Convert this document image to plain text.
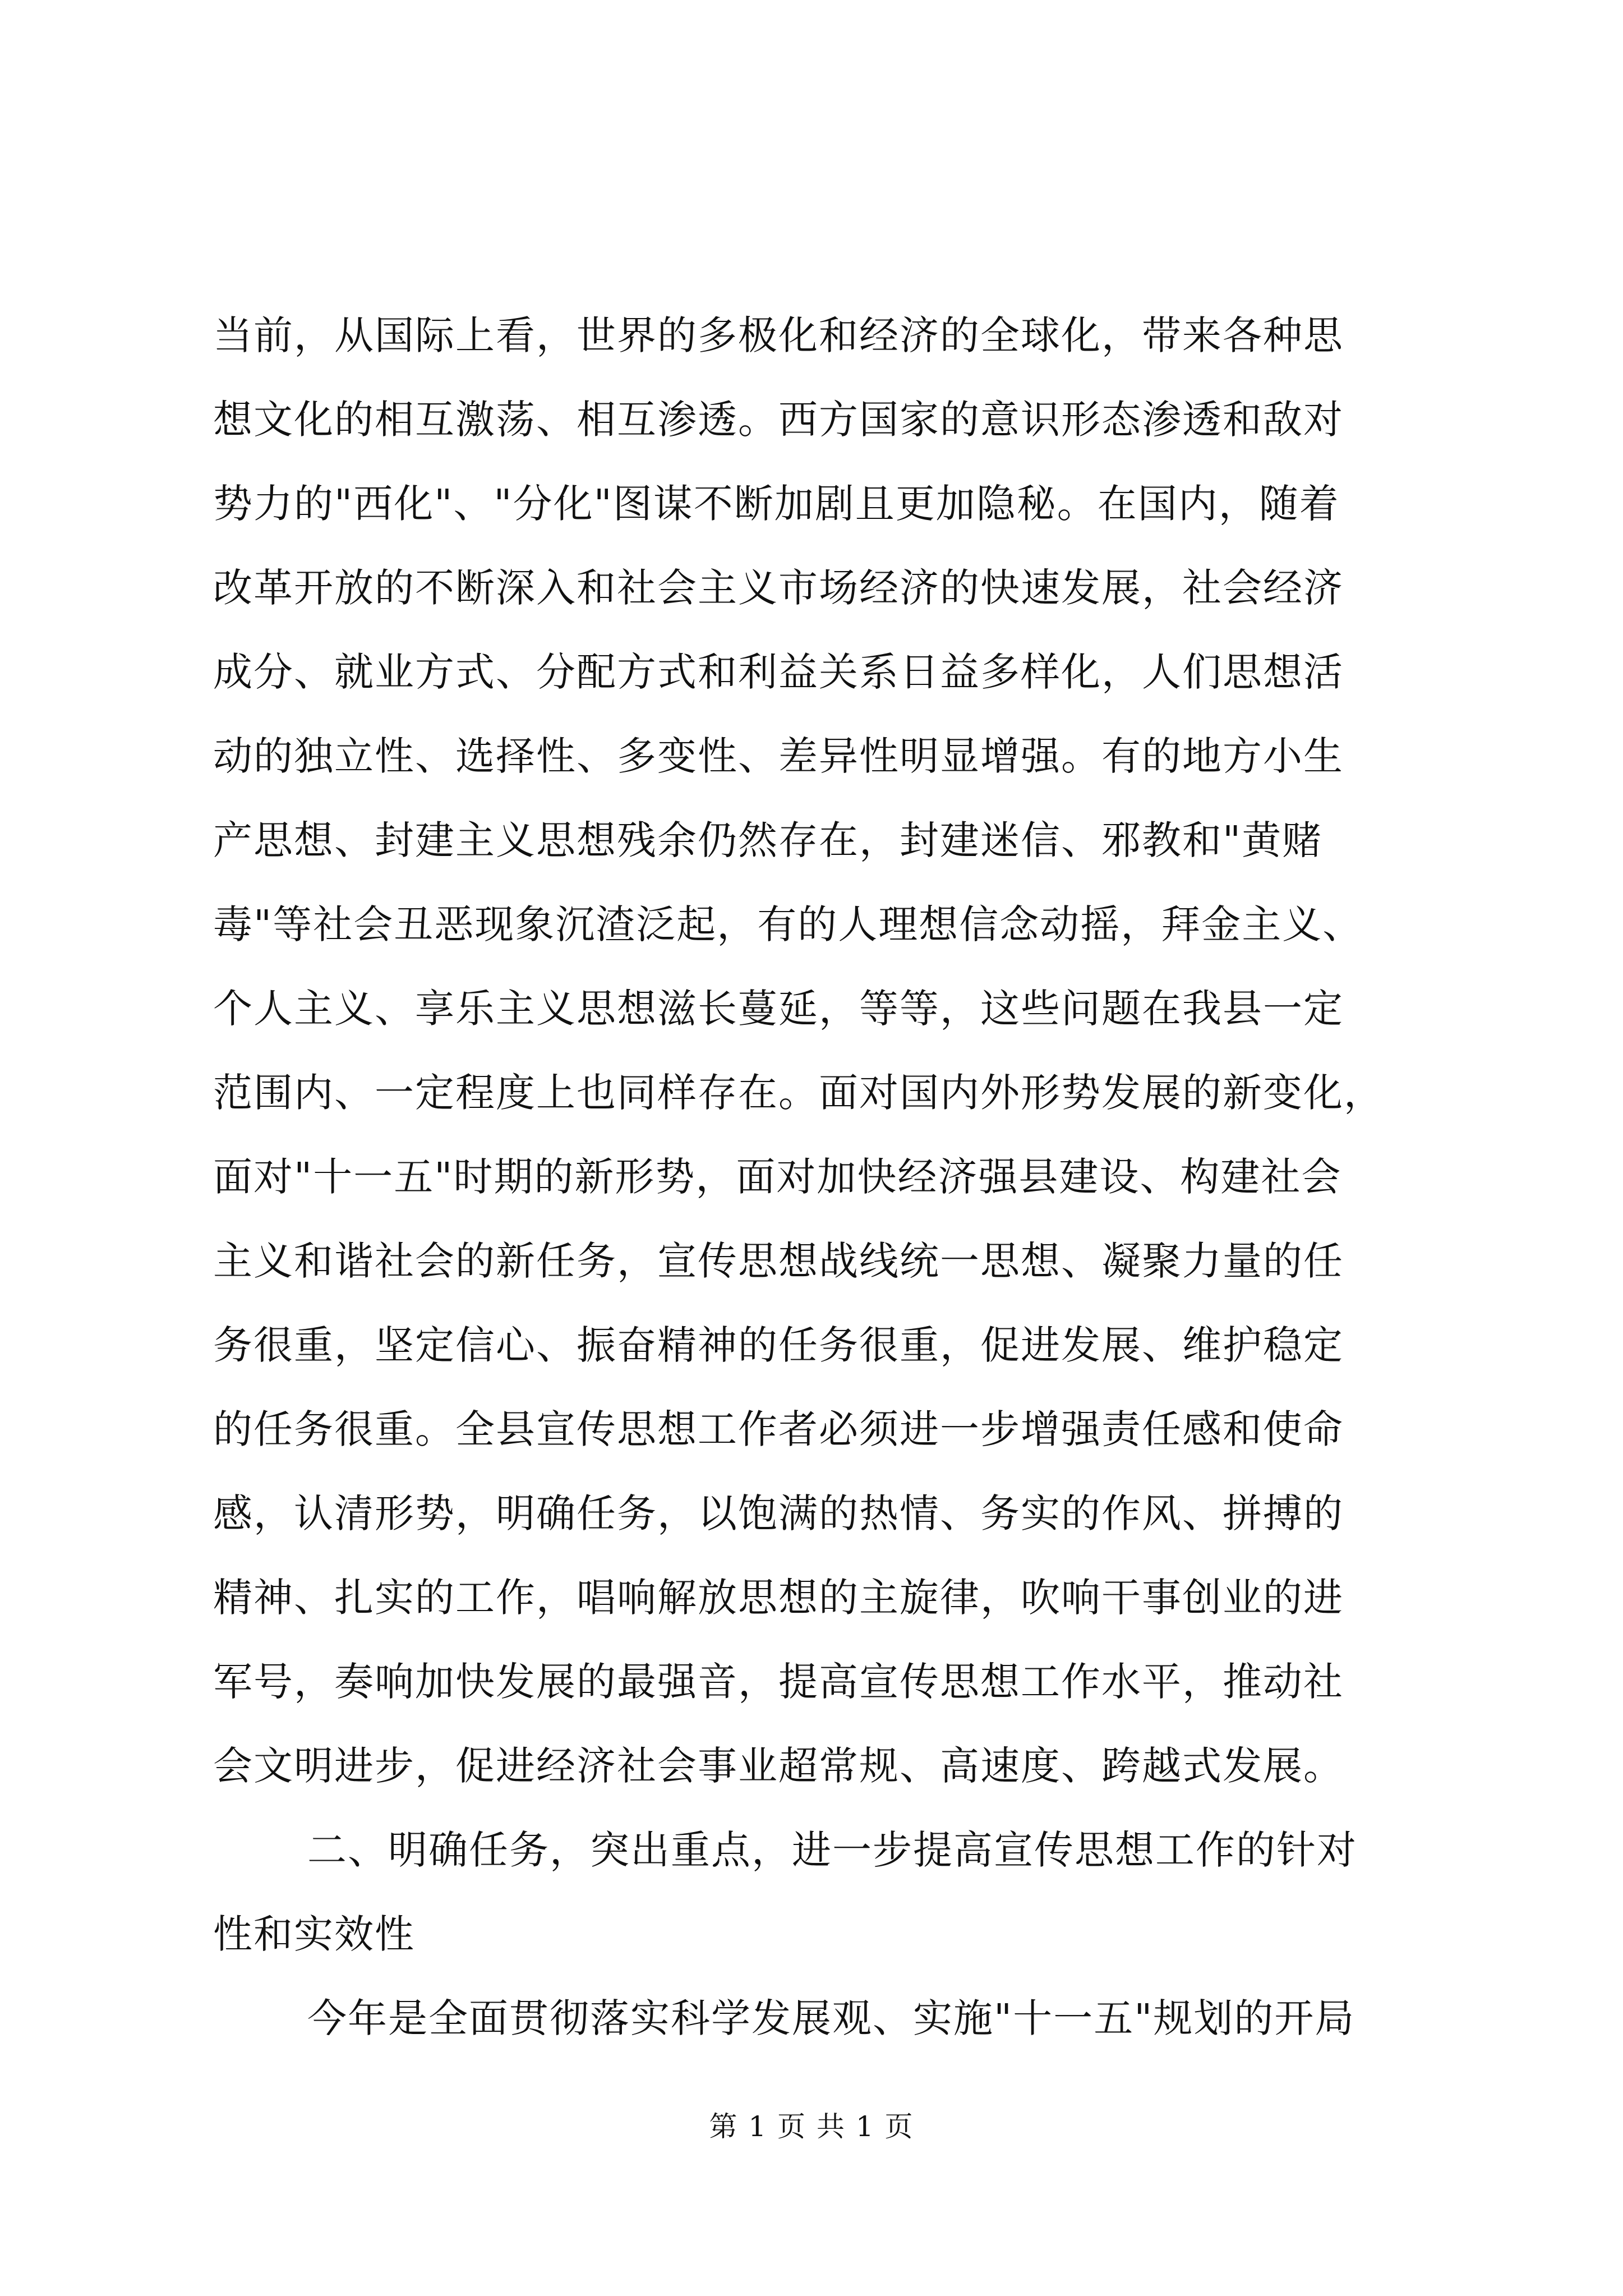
当前，从国际上看，世界的多极化和经济的全球化，带来各种思
想文化的相互激荡、相互渗透。西方国家的意识形态渗透和敌对
势力的"西化"、"分化"图谋不断加剧且更加隐秘。在国内，随着
改革开放的不断深入和社会主义市场经济的快速发展，社会经济
成分、就业方式、分配方式和利益关系日益多样化，人们思想活
动的独立性、选择性、多变性、差异性明显增强。有的地方小生
产思想、封建主义思想残余仍然存在，封建迷信、邪教和"黄赌
毒"等社会丑恶现象沉渣泛起，有的人理想信念动摇，拜金主义、
个人主义、享乐主义思想滋长蔓延，等等，这些问题在我县一定
范围内、一定程度上也同样存在。面对国内外形势发展的新变化，
面对"十一五"时期的新形势，面对加快经济强县建设、构建社会
主义和谐社会的新任务，宣传思想战线统一思想、凝聚力量的任
务很重，坚定信心、振奋精神的任务很重，促进发展、维护稳定
的任务很重。全县宣传思想工作者必须进一步增强责任感和使命
感，认清形势，明确任务，以饱满的热情、务实的作风、拼搏的
精神、扎实的工作，唱响解放思想的主旋律，吹响干事创业的进
军号，奏响加快发展的最强音，提高宣传思想工作水平，推动社
会文明进步，促进经济社会事业超常规、高速度、跨越式发展。
二、明确任务，突出重点，进一步提高宣传思想工作的针对
性和实效性
今年是全面贯彻落实科学发展观、实施"十一五"规划的开局
第 1 页 共 1 页
